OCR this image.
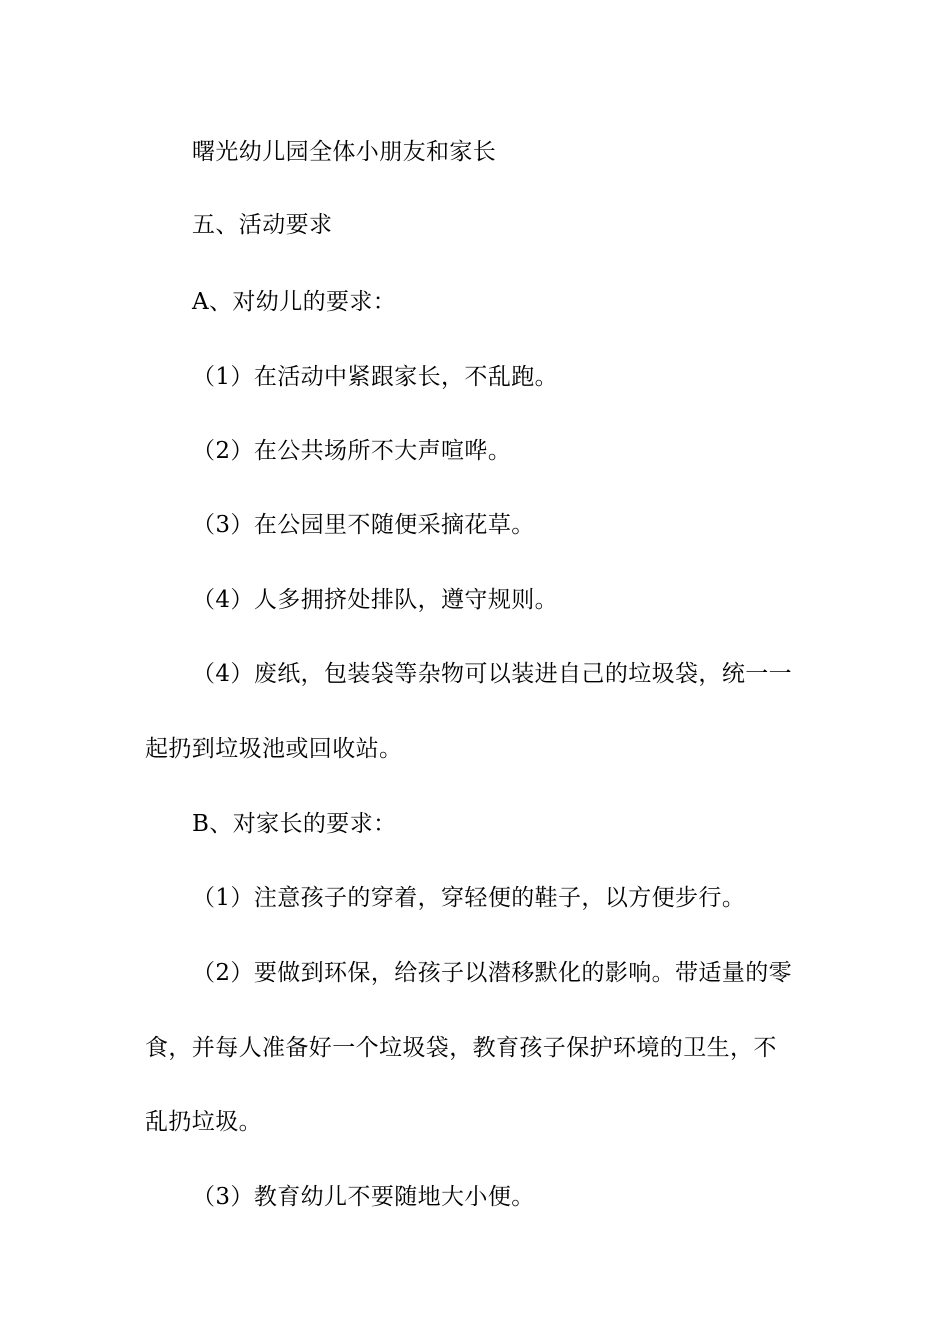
曙光幼儿园全体小朋友和家长

五、活动要求

A、对幼儿的要求：

（1）在活动中紧跟家长，不乱跑。

（2）在公共场所不大声喧哗。

（3）在公园里不随便采摘花草。

（4）人多拥挤处排队，遵守规则。

（4）废纸，包装袋等杂物可以装进自己的垃圾袋，统一一

起扔到垃圾池或回收站。

B、对家长的要求：

（1）注意孩子的穿着，穿轻便的鞋子，以方便步行。

（2）要做到环保，给孩子以潜移默化的影响。带适量的零

食，并每人准备好一个垃圾袋，教育孩子保护环境的卫生，不

乱扔垃圾。

（3）教育幼儿不要随地大小便。
